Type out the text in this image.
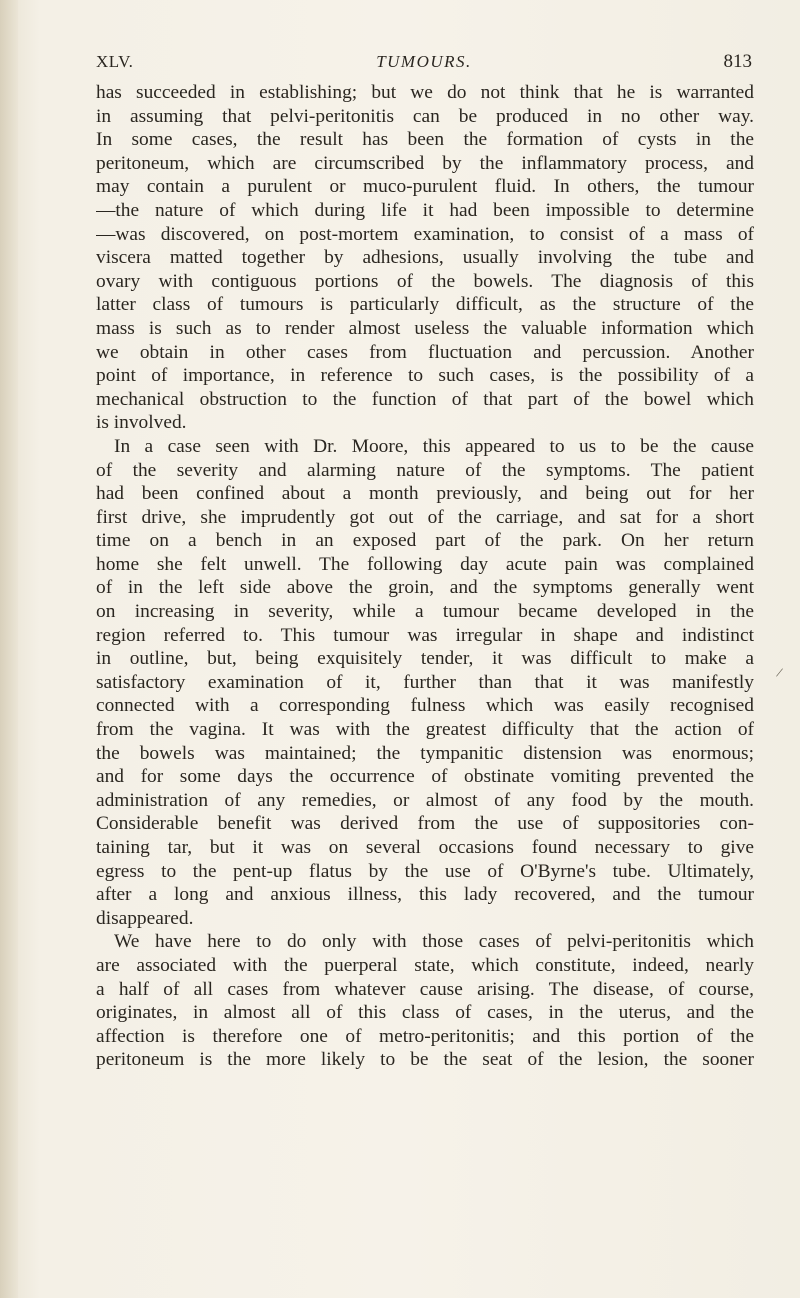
XLV.	TUMOURS.	813
has succeeded in establishing; but we do not think that he is warranted
in assuming that pelvi-peritonitis can be produced in no other way.
In some cases, the result has been the formation of cysts in the
peritoneum, which are circumscribed by the inflammatory process, and
may contain a purulent or muco-purulent fluid. In others, the tumour
—the nature of which during life it had been impossible to determine
—was discovered, on post-mortem examination, to consist of a mass of
viscera matted together by adhesions, usually involving the tube and
ovary with contiguous portions of the bowels. The diagnosis of this
latter class of tumours is particularly difficult, as the structure of the
mass is such as to render almost useless the valuable information which
we obtain in other cases from fluctuation and percussion. Another
point of importance, in reference to such cases, is the possibility of a
mechanical obstruction to the function of that part of the bowel which
is involved.
In a case seen with Dr. Moore, this appeared to us to be the cause
of the severity and alarming nature of the symptoms. The patient
had been confined about a month previously, and being out for her
first drive, she imprudently got out of the carriage, and sat for a short
time on a bench in an exposed part of the park. On her return
home she felt unwell. The following day acute pain was complained
of in the left side above the groin, and the symptoms generally went
on increasing in severity, while a tumour became developed in the
region referred to. This tumour was irregular in shape and indistinct
in outline, but, being exquisitely tender, it was difficult to make a
satisfactory examination of it, further than that it was manifestly
connected with a corresponding fulness which was easily recognised
from the vagina. It was with the greatest difficulty that the action of
the bowels was maintained; the tympanitic distension was enormous;
and for some days the occurrence of obstinate vomiting prevented the
administration of any remedies, or almost of any food by the mouth.
Considerable benefit was derived from the use of suppositories con-
taining tar, but it was on several occasions found necessary to give
egress to the pent-up flatus by the use of O'Byrne's tube. Ultimately,
after a long and anxious illness, this lady recovered, and the tumour
disappeared.
We have here to do only with those cases of pelvi-peritonitis which
are associated with the puerperal state, which constitute, indeed, nearly
a half of all cases from whatever cause arising. The disease, of course,
originates, in almost all of this class of cases, in the uterus, and the
affection is therefore one of metro-peritonitis; and this portion of the
peritoneum is the more likely to be the seat of the lesion, the sooner
/
